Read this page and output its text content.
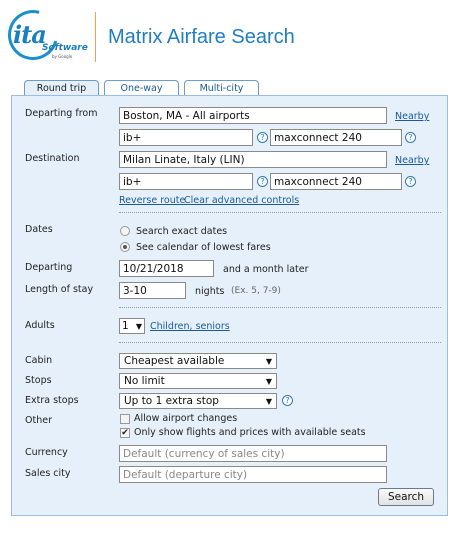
ita
Software
by Google
Matrix Airfare Search
Round trip	One-way	Multi-city
Departing from	Boston, MA - All airports	Nearby
ib+	? maxconnect 240	?
Destination	Milan Linate, Italy (LIN)	Nearby
ib+	? maxconnect 240	?
Reverse route
Clear advanced controls
Dates	Search exact dates
See calendar of lowest fares
Departing	10/21/2018	and a month later
Length of stay	3-10	nights (Ex. 5, 7-9)
Adults	1 ▼ Children, seniors
Cabin	Cheapest available	▼
Stops	No limit	▼
Extra stops	Up to 1 extra stop	▼	?
Other	Allow airport changes
✔ Only show flights and prices with available seats
Currency	Default (currency of sales city)
Sales city	Default (departure city)
Search
